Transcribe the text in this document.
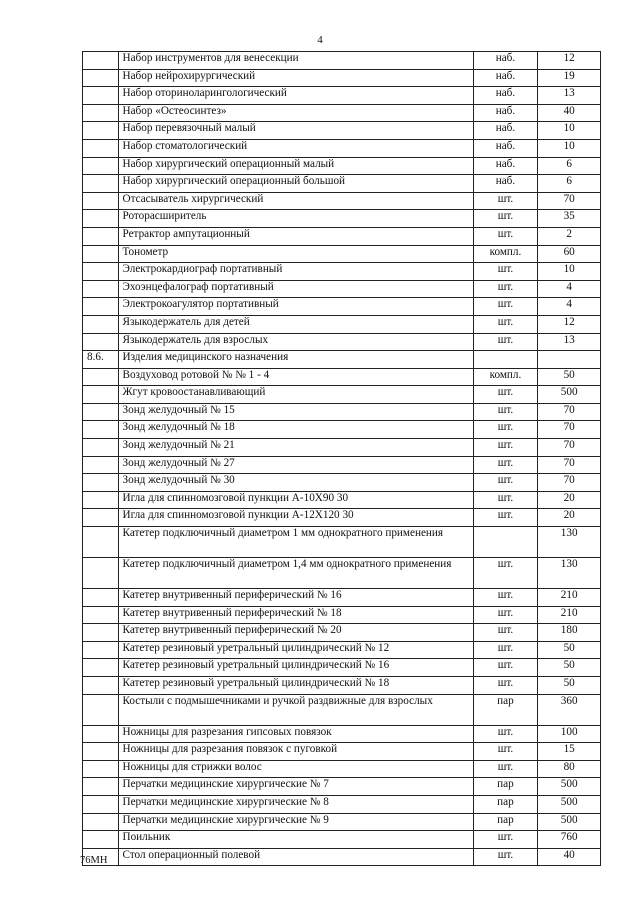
4
	Набор инструментов для венесекции	наб.	12
	Набор нейрохирургический	наб.	19
	Набор оториноларингологический	наб.	13
	Набор «Остеосинтез»	наб.	40
	Набор перевязочный малый	наб.	10
	Набор стоматологический	наб.	10
	Набор хирургический операционный малый	наб.	6
	Набор хирургический операционный большой	наб.	6
	Отсасыватель хирургический	шт.	70
	Роторасширитель	шт.	35
	Ретрактор ампутационный	шт.	2
	Тонометр	компл.	60
	Электрокардиограф портативный	шт.	10
	Эхоэнцефалограф портативный	шт.	4
	Электрокоагулятор портативный	шт.	4
	Языкодержатель для детей	шт.	12
	Языкодержатель для взрослых	шт.	13
8.6.	Изделия медицинского назначения		
	Воздуховод ротовой № № 1 - 4	компл.	50
	Жгут кровоостанавливающий	шт.	500
	Зонд желудочный № 15	шт.	70
	Зонд желудочный № 18	шт.	70
	Зонд желудочный № 21	шт.	70
	Зонд желудочный № 27	шт.	70
	Зонд желудочный № 30	шт.	70
	Игла для спинномозговой пункции А-10Х90 30	шт.	20
	Игла для спинномозговой пункции А-12Х120 30	шт.	20
	Катетер подключичный диаметром 1 мм однократного применения		130
	Катетер подключичный диаметром 1,4 мм однократного применения	шт.	130
	Катетер внутривенный периферический № 16	шт.	210
	Катетер внутривенный периферический № 18	шт.	210
	Катетер внутривенный периферический № 20	шт.	180
	Катетер резиновый уретральный цилиндрический № 12	шт.	50
	Катетер резиновый уретральный цилиндрический № 16	шт.	50
	Катетер резиновый уретральный цилиндрический № 18	шт.	50
	Костыли с подмышечниками и ручкой раздвижные для взрослых	пар	360
	Ножницы для разрезания гипсовых повязок	шт.	100
	Ножницы для разрезания повязок с пуговкой	шт.	15
	Ножницы для стрижки волос	шт.	80
	Перчатки медицинские хирургические № 7	пар	500
	Перчатки медицинские хирургические № 8	пар	500
	Перчатки медицинские хирургические № 9	пар	500
	Поильник	шт.	760
	Стол операционный полевой	шт.	40
76МН
